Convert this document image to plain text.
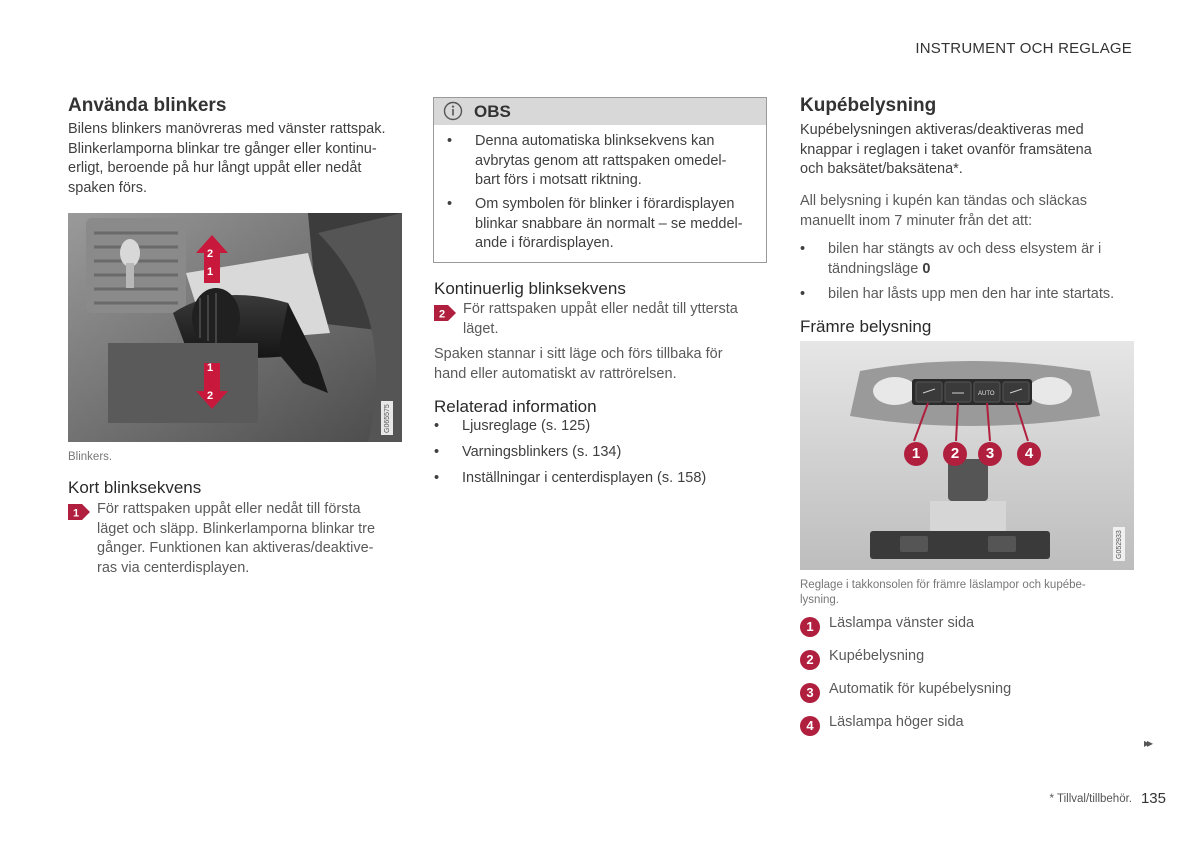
INSTRUMENT OCH REGLAGE
Använda blinkers

Bilens blinkers manövreras med vänster rattspak.

Blinkerlamporna blinkar tre gånger eller kontinu-

erligt, beroende på hur långt uppåt eller nedåt

spaken förs.

2
1
1
2
G065575
Blinkers.
Kort blinksekvens
1 För rattspaken uppåt eller nedåt till första

läget och släpp. Blinkerlamporna blinkar tre

gånger. Funktionen kan aktiveras/deaktive-

ras via centerdisplayen.

OBS
• Denna automatiska blinksekvens kan
avbrytas genom att rattspaken omedel-
bart förs i motsatt riktning.
• Om symbolen för blinker i förardisplayen
blinkar snabbare än normalt – se meddel-
ande i förardisplayen.
Kontinuerlig blinksekvens
2 För rattspaken uppåt eller nedåt till yttersta

läget.

Spaken stannar i sitt läge och förs tillbaka för

hand eller automatiskt av rattrörelsen.

Relaterad information
• Ljusreglage (s. 125)
• Varningsblinkers (s. 134)
• Inställningar i centerdisplayen (s. 158)
Kupébelysning

Kupébelysningen aktiveras/deaktiveras med

knappar i reglagen i taket ovanför framsätena

och baksätet/baksätena*.

All belysning i kupén kan tändas och släckas

manuellt inom 7 minuter från det att:

• bilen har stängts av och dess elsystem är i
tändningsläge 0
• bilen har låsts upp men den har inte startats.
Främre belysning
AUTO
1	2	3	4
G052933
Reglage i takkonsolen för främre läslampor och kupébe-
lysning.
1	Läslampa vänster sida

2	Kupébelysning

3	Automatik för kupébelysning

4	Läslampa höger sida

▸▸
* Tillval/tillbehör. 135
